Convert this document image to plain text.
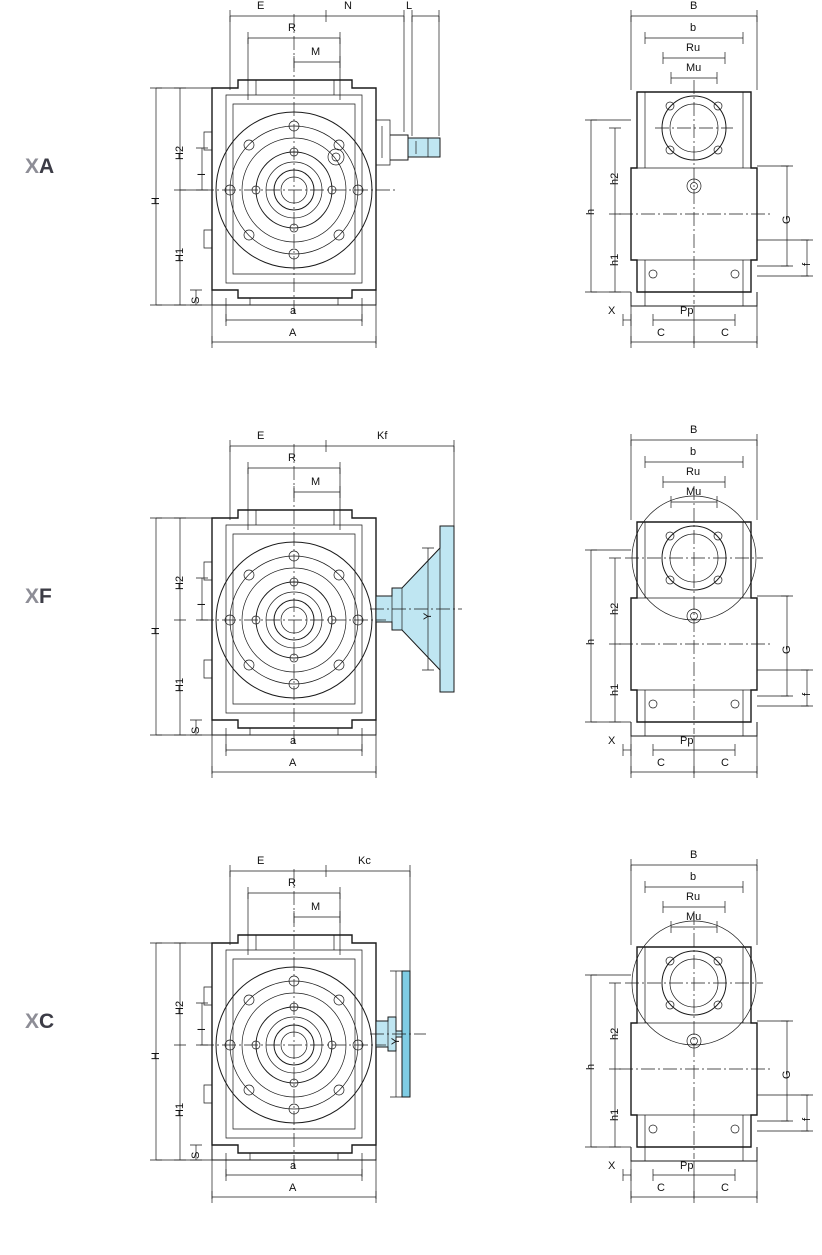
XA
E	N	L
R
M
H
H2
H1
I
S
a
A
B
b
Ru
Mu
h
h2
h1
G
f
X	Pp
C	C
XF
E	Kf
R
M
H
H2
H1
I
S
Y
a
A
B
b
Ru
Mu
h
h2
h1
G
f
X	Pp
C	C
XC
E	Kc
R
M
H
H2
H1
I
S
Y
a
A
B
b
Ru
Mu
h
h2
h1
G
f
X	Pp
C	C
